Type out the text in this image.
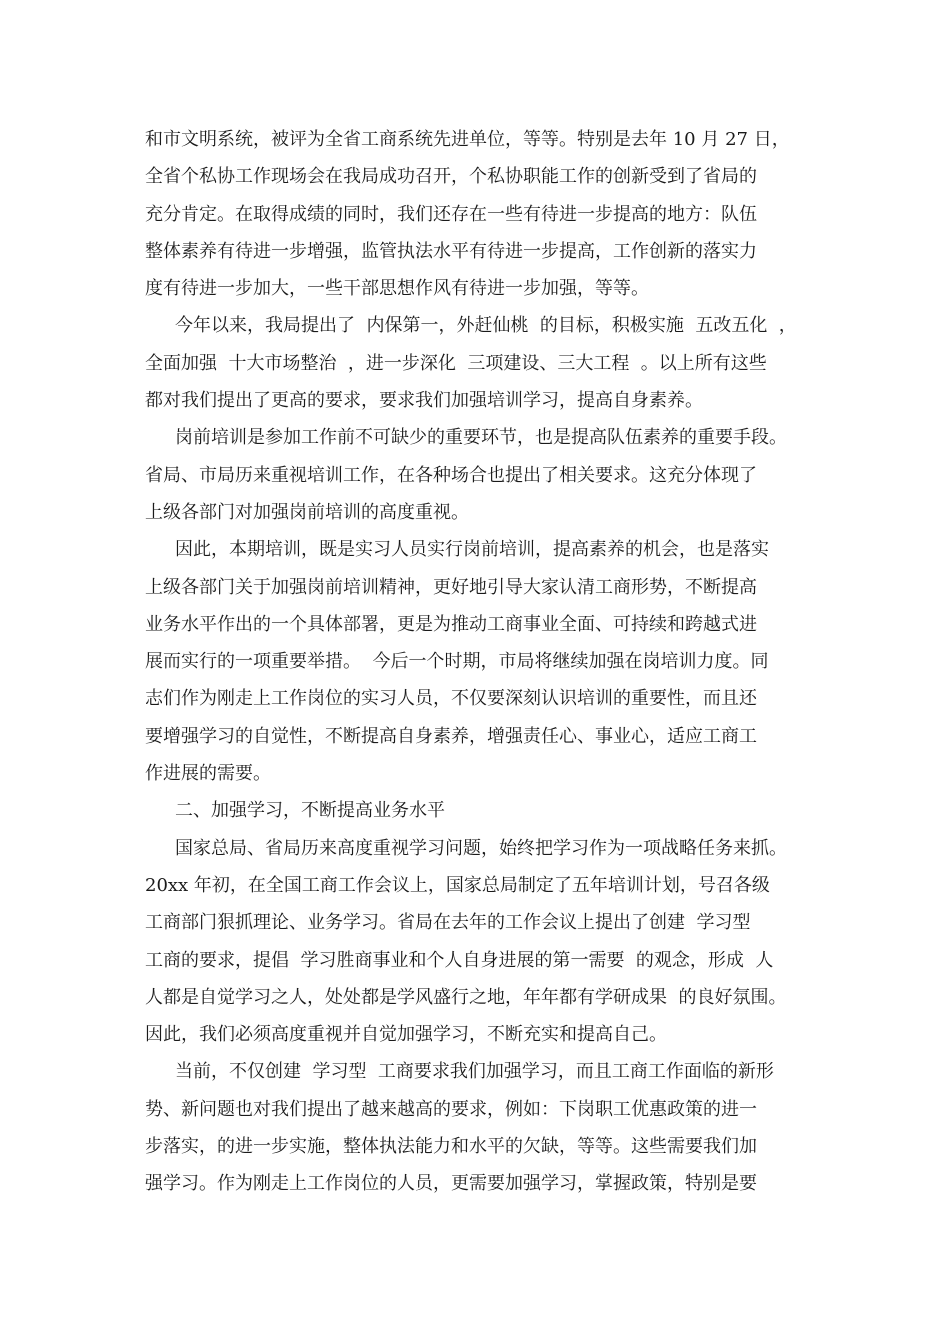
和市文明系统，被评为全省工商系统先进单位，等等。特别是去年 10 月 27 日，
全省个私协工作现场会在我局成功召开，个私协职能工作的创新受到了省局的
充分肯定。在取得成绩的同时，我们还存在一些有待进一步提高的地方：队伍
整体素养有待进一步增强，监管执法水平有待进一步提高，工作创新的落实力
度有待进一步加大，一些干部思想作风有待进一步加强，等等。
今年以来，我局提出了  内保第一，外赶仙桃  的目标，积极实施  五改五化  ，
全面加强  十大市场整治  ，进一步深化  三项建设、三大工程  。以上所有这些
都对我们提出了更高的要求，要求我们加强培训学习，提高自身素养。
岗前培训是参加工作前不可缺少的重要环节，也是提高队伍素养的重要手段。
省局、市局历来重视培训工作，在各种场合也提出了相关要求。这充分体现了
上级各部门对加强岗前培训的高度重视。
因此，本期培训，既是实习人员实行岗前培训，提高素养的机会，也是落实
上级各部门关于加强岗前培训精神，更好地引导大家认清工商形势，不断提高
业务水平作出的一个具体部署，更是为推动工商事业全面、可持续和跨越式进
展而实行的一项重要举措。  今后一个时期，市局将继续加强在岗培训力度。同
志们作为刚走上工作岗位的实习人员，不仅要深刻认识培训的重要性，而且还
要增强学习的自觉性，不断提高自身素养，增强责任心、事业心，适应工商工
作进展的需要。
二、加强学习，不断提高业务水平
国家总局、省局历来高度重视学习问题，始终把学习作为一项战略任务来抓。
20xx 年初，在全国工商工作会议上，国家总局制定了五年培训计划，号召各级
工商部门狠抓理论、业务学习。省局在去年的工作会议上提出了创建  学习型
工商的要求，提倡  学习胜商事业和个人自身进展的第一需要  的观念，形成  人
人都是自觉学习之人，处处都是学风盛行之地，年年都有学研成果  的良好氛围。
因此，我们必须高度重视并自觉加强学习，不断充实和提高自己。
当前，不仅创建  学习型  工商要求我们加强学习，而且工商工作面临的新形
势、新问题也对我们提出了越来越高的要求，例如：下岗职工优惠政策的进一
步落实，的进一步实施，整体执法能力和水平的欠缺，等等。这些需要我们加
强学习。作为刚走上工作岗位的人员，更需要加强学习，掌握政策，特别是要
